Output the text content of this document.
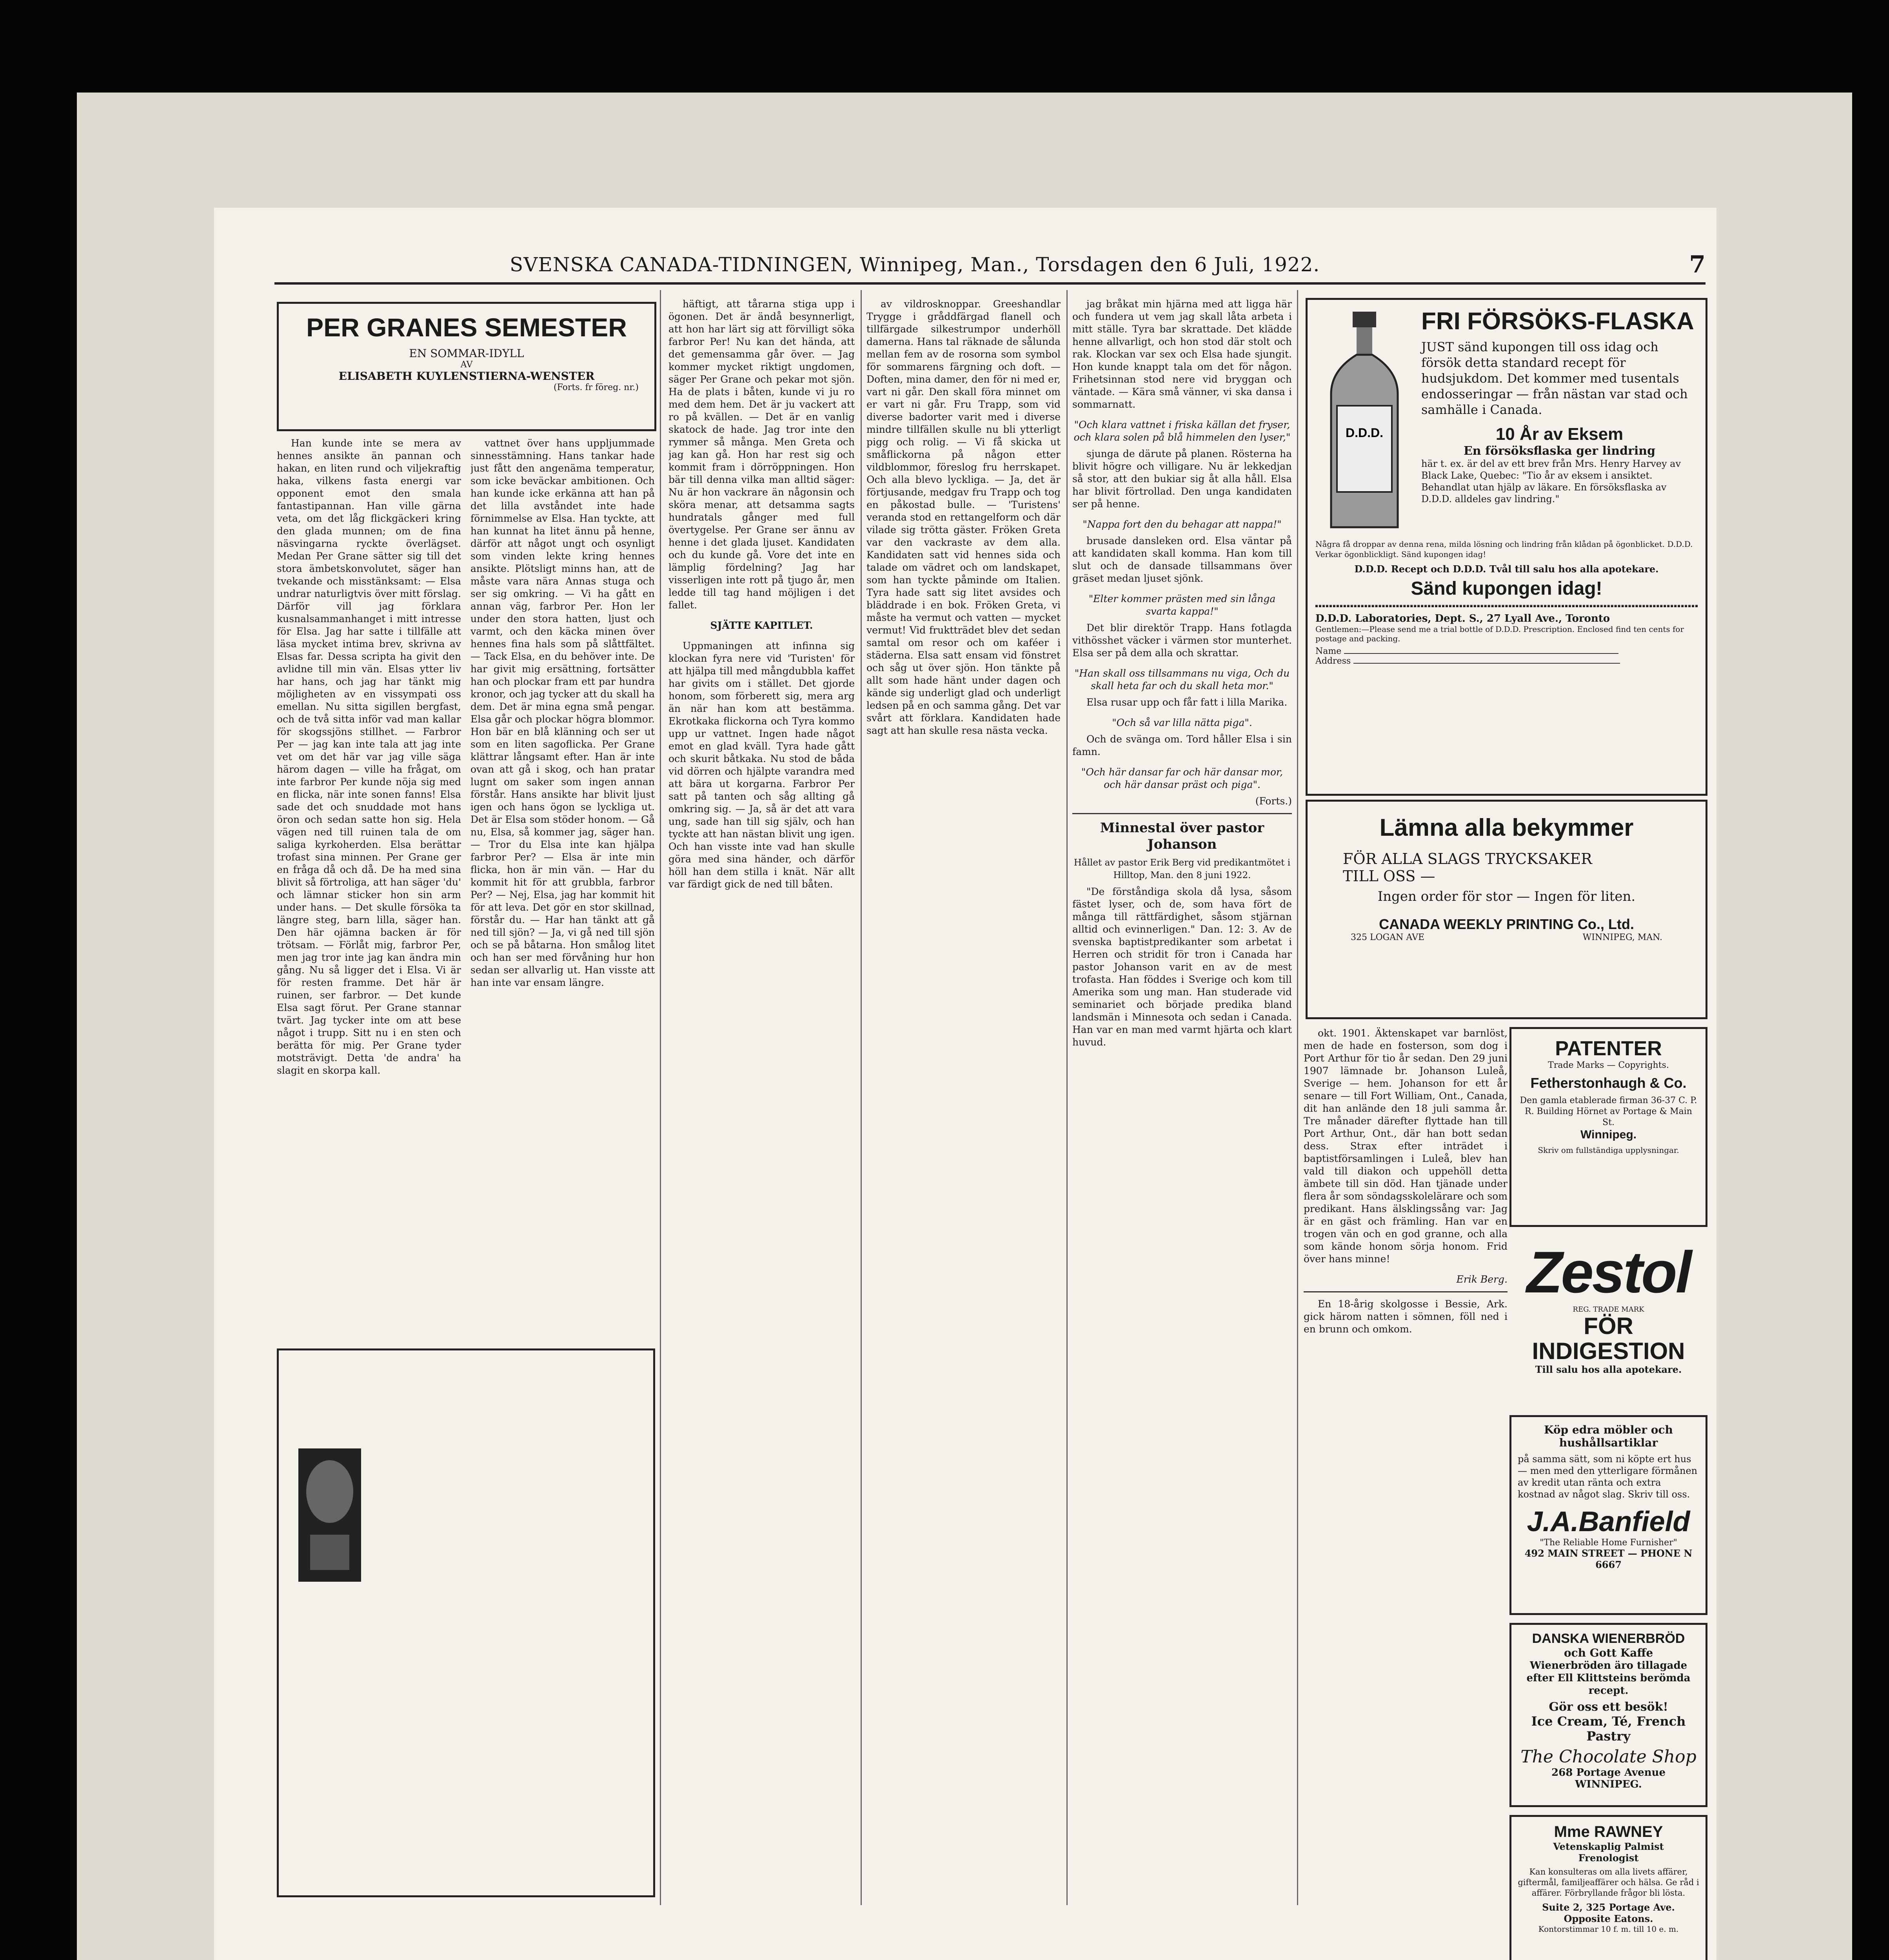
SVENSKA CANADA-TIDNINGEN, Winnipeg, Man., Torsdagen den 6 Juli, 1922.	7
PER GRANES SEMESTER
EN SOMMAR-IDYLL
AV
ELISABETH KUYLENSTIERNA-WENSTER
(Forts. fr föreg. nr.)

Han kunde inte se mera av hennes ansikte än pannan och hakan, en liten rund och viljekraftig haka, vilkens fasta energi var opponent emot den smala fantastipannan. Han ville gärna veta, om det låg flickgäckeri kring den glada munnen; om de fina näsvingarna ryckte överlägset. Medan Per Grane sätter sig till det stora ämbetskonvolutet, säger han tvekande och misstänksamt: — Elsa undrar naturligtvis över mitt förslag. Därför vill jag förklara kusnalsammanhanget i mitt intresse för Elsa. Jag har satte i tillfälle att läsa mycket intima brev, skrivna av Elsas far. Dessa scripta ha givit den avlidne till min vän. Elsas ytter liv har hans, och jag har tänkt mig möjligheten av en vissympati oss emellan. Nu sitta sigillen bergfast, och de två sitta inför vad man kallar för skogssjöns stillhet. — Farbror Per — jag kan inte tala att jag inte vet om det här var jag ville säga härom dagen — ville ha frågat, om inte farbror Per kunde nöja sig med en flicka, när inte sonen fanns! Elsa sade det och snuddade mot hans öron och sedan satte hon sig. Hela vägen ned till ruinen tala de om saliga kyrkoherden. Elsa berättar trofast sina minnen. Per Grane ger en fråga då och då. De ha med sina blivit så förtroliga, att han säger 'du' och lämnar sticker hon sin arm under hans. — Det skulle försöka ta längre steg, barn lilla, säger han. Den här ojämna backen är för trötsam. — Förlåt mig, farbror Per, men jag tror inte jag kan ändra min gång. Nu så ligger det i Elsa. Vi är för resten framme. Det här är ruinen, ser farbror. — Det kunde Elsa sagt förut. Per Grane stannar tvärt. Jag tycker inte om att bese något i trupp. Sitt nu i en sten och berätta för mig. Per Grane tyder motsträvigt. Detta 'de andra' ha slagit en skorpa kall.

vattnet över hans uppljummade sinnesstämning. Hans tankar hade just fått den angenäma temperatur, som icke beväckar ambitionen. Och han kunde icke erkänna att han på det lilla avståndet inte hade förnimmelse av Elsa. Han tyckte, att han kunnat ha litet ännu på henne, därför att något ungt och osynligt som vinden lekte kring hennes ansikte. Plötsligt minns han, att de måste vara nära Annas stuga och ser sig omkring. — Vi ha gått en annan väg, farbror Per. Hon ler under den stora hatten, ljust och varmt, och den käcka minen över hennes fina hals som på slåttfältet. — Tack Elsa, en du behöver inte. De har givit mig ersättning, fortsätter han och plockar fram ett par hundra kronor, och jag tycker att du skall ha dem. Det är mina egna små pengar. Elsa går och plockar högra blommor. Hon bär en blå klänning och ser ut som en liten sagoflicka. Per Grane klättrar långsamt efter. Han är inte ovan att gå i skog, och han pratar lugnt om saker som ingen annan förstår. Hans ansikte har blivit ljust igen och hans ögon se lyckliga ut. Det är Elsa som stöder honom. — Gå nu, Elsa, så kommer jag, säger han. — Tror du Elsa inte kan hjälpa farbror Per? — Elsa är inte min flicka, hon är min vän. — Har du kommit hit för att grubbla, farbror Per? — Nej, Elsa, jag har kommit hit för att leva. Det gör en stor skillnad, förstår du. — Har han tänkt att gå ned till sjön? — Ja, vi gå ned till sjön och se på båtarna. Hon smålog litet och han ser med förvåning hur hon sedan ser allvarlig ut. Han visste att han inte var ensam längre.

häftigt, att tårarna stiga upp i ögonen. Det är ändå besynnerligt, att hon har lärt sig att förvilligt söka farbror Per! Nu kan det hända, att det gemensamma går över. — Jag kommer mycket riktigt ungdomen, säger Per Grane och pekar mot sjön. Ha de plats i båten, kunde vi ju ro med dem hem. Det är ju vackert att ro på kvällen. — Det är en vanlig skatock de hade. Jag tror inte den rymmer så många. Men Greta och jag kan gå. Hon har rest sig och kommit fram i dörröppningen. Hon bär till denna vilka man alltid säger: Nu är hon vackrare än någonsin och sköra menar, att detsamma sagts hundratals gånger med full övertygelse. Per Grane ser ännu av henne i det glada ljuset. Kandidaten och du kunde gå. Vore det inte en lämplig fördelning? Jag har visserligen inte rott på tjugo år, men ledde till tag hand möjligen i det fallet.

SJÄTTE KAPITLET.

Uppmaningen att infinna sig klockan fyra nere vid 'Turisten' för att hjälpa till med mångdubbla kaffet har givits om i stället. Det gjorde honom, som förberett sig, mera arg än när han kom att bestämma. Ekrotkaka flickorna och Tyra kommo upp ur vattnet. Ingen hade något emot en glad kväll. Tyra hade gått och skurit båtkaka. Nu stod de båda vid dörren och hjälpte varandra med att bära ut korgarna. Farbror Per satt på tanten och såg allting gå omkring sig. — Ja, så är det att vara ung, sade han till sig själv, och han tyckte att han nästan blivit ung igen. Och han visste inte vad han skulle göra med sina händer, och därför höll han dem stilla i knät. När allt var färdigt gick de ned till båten.

av vildrosknoppar. Greeshandlar Trygge i gråddfärgad flanell och tillfärgade silkestrumpor underhöll damerna. Hans tal räknade de sålunda mellan fem av de rosorna som symbol för sommarens färgning och doft. — Doften, mina damer, den för ni med er, vart ni går. Den skall föra minnet om er vart ni går. Fru Trapp, som vid diverse badorter varit med i diverse mindre tillfällen skulle nu bli ytterligt pigg och rolig. — Vi få skicka ut småflickorna på någon etter vildblommor, föreslog fru herrskapet. Och alla blevo lyckliga. — Ja, det är förtjusande, medgav fru Trapp och tog en påkostad bulle. — 'Turistens' veranda stod en rettangelform och där vilade sig trötta gäster. Fröken Greta var den vackraste av dem alla. Kandidaten satt vid hennes sida och talade om vädret och om landskapet, som han tyckte påminde om Italien. Tyra hade satt sig litet avsides och bläddrade i en bok. Fröken Greta, vi måste ha vermut och vatten — mycket vermut! Vid fruktträdet blev det sedan samtal om resor och om kaféer i städerna. Elsa satt ensam vid fönstret och såg ut över sjön. Hon tänkte på allt som hade hänt under dagen och kände sig underligt glad och underligt ledsen på en och samma gång. Det var svårt att förklara. Kandidaten hade sagt att han skulle resa nästa vecka.

jag bråkat min hjärna med att ligga här och fundera ut vem jag skall låta arbeta i mitt ställe. Tyra bar skrattade. Det klädde henne allvarligt, och hon stod där stolt och rak. Klockan var sex och Elsa hade sjungit. Hon kunde knappt tala om det för någon. Frihetsinnan stod nere vid bryggan och väntade. — Kära små vänner, vi ska dansa i sommarnatt.

"Och klara vattnet i friska källan det fryser, och klara solen på blå himmelen den lyser,"

sjunga de därute på planen. Rösterna ha blivit högre och villigare. Nu är lekkedjan så stor, att den bukiar sig åt alla håll. Elsa har blivit förtrollad. Den unga kandidaten ser på henne.

"Nappa fort den du behagar att nappa!"

brusade dansleken ord. Elsa väntar på att kandidaten skall komma. Han kom till slut och de dansade tillsammans över gräset medan ljuset sjönk.

"Elter kommer prästen med sin långa svarta kappa!"

Det blir direktör Trapp. Hans fotlagda vithösshet väcker i värmen stor munterhet. Elsa ser på dem alla och skrattar.

"Han skall oss tillsammans nu viga, Och du skall heta far och du skall heta mor."

Elsa rusar upp och får fatt i lilla Marika.

"Och så var lilla nätta piga".

Och de svänga om. Tord håller Elsa i sin famn.

"Och här dansar far och här dansar mor, och här dansar präst och piga".
(Forts.)
Minnestal över pastor Johanson
Hållet av pastor Erik Berg vid predikantmötet i Hilltop, Man. den 8 juni 1922.

"De förståndiga skola då lysa, såsom fästet lyser, och de, som hava fört de många till rättfärdighet, såsom stjärnan alltid och evinnerligen." Dan. 12: 3. Av de svenska baptistpredikanter som arbetat i Herren och stridit för tron i Canada har pastor Johanson varit en av de mest trofasta. Han föddes i Sverige och kom till Amerika som ung man. Han studerade vid seminariet och började predika bland landsmän i Minnesota och sedan i Canada. Han var en man med varmt hjärta och klart huvud.

okt. 1901. Äktenskapet var barnlöst, men de hade en fosterson, som dog i Port Arthur för tio år sedan. Den 29 juni 1907 lämnade br. Johanson Luleå, Sverige — hem. Johanson for ett år senare — till Fort William, Ont., Canada, dit han anlände den 18 juli samma år. Tre månader därefter flyttade han till Port Arthur, Ont., där han bott sedan dess. Strax efter inträdet i baptistförsamlingen i Luleå, blev han vald till diakon och uppehöll detta ämbete till sin död. Han tjänade under flera år som söndagsskolelärare och som predikant. Hans älsklingssång var: Jag är en gäst och främling. Han var en trogen vän och en god granne, och alla som kände honom sörja honom. Frid över hans minne!

Erik Berg.

En 18-årig skolgosse i Bessie, Ark. gick härom natten i sömnen, föll ned i en brunn och omkom.

D.D.D.
FRI FÖRSÖKS-FLASKA
JUST sänd kupongen till oss idag och försök detta standard recept för hudsjukdom. Det kommer med tusentals endosseringar — från nästan var stad och samhälle i Canada.
10 År av Eksem
En försöksflaska ger lindring
här t. ex. är del av ett brev från Mrs. Henry Harvey av Black Lake, Quebec: "Tio år av eksem i ansiktet. Behandlat utan hjälp av läkare. En försöksflaska av D.D.D. alldeles gav lindring."
Några få droppar av denna rena, milda lösning och lindring från klådan på ögonblicket. D.D.D. Verkar ögonblickligt. Sänd kupongen idag!
D.D.D. Recept och D.D.D. Tvål till salu hos alla apotekare.
Sänd kupongen idag!
D.D.D. Laboratories, Dept. S., 27 Lyall Ave., Toronto
Gentlemen:—Please send me a trial bottle of D.D.D. Prescription. Enclosed find ten cents for postage and packing.
Name
Address
Lämna alla bekymmer
FÖR ALLA SLAGS TRYCKSAKER
TILL OSS —
Ingen order för stor — Ingen för liten.
CANADA WEEKLY PRINTING Co., Ltd.
325 LOGAN AVE	WINNIPEG, MAN.
PATENTER
Trade Marks — Copyrights.
Fetherstonhaugh & Co.
Den gamla etablerade firman 36-37 C. P. R. Building Hörnet av Portage & Main St.
Winnipeg.
Skriv om fullständiga upplysningar.
Zestol
REG. TRADE MARK
FÖR
INDIGESTION
Till salu hos alla apotekare.
Köp edra möbler och hushållsartiklar
på samma sätt, som ni köpte ert hus — men med den ytterligare förmånen av kredit utan ränta och extra kostnad av något slag. Skriv till oss.
J.A.Banfield
"The Reliable Home Furnisher"
492 MAIN STREET — PHONE N 6667
DANSKA WIENERBRÖD
och Gott Kaffe
Wienerbröden äro tillagade efter Ell Klittsteins berömda recept.
Gör oss ett besök!
Ice Cream, Té, French Pastry
The Chocolate Shop
268 Portage Avenue WINNIPEG.
Mme RAWNEY
Vetenskaplig Palmist
Frenologist
Kan konsulteras om alla livets affärer, giftermål, familjeaffärer och hälsa. Ge råd i affärer. Förbryllande frågor bli lösta.
Suite 2, 325 Portage Ave. Opposite Eatons.
Kontorstimmar 10 f. m. till 10 e. m.
